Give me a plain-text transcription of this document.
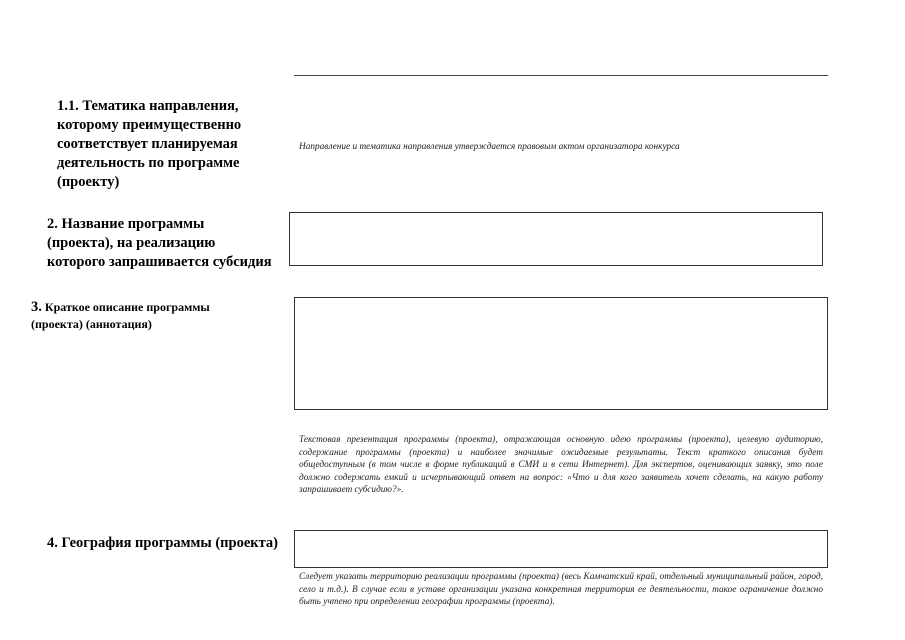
1.1. Тематика направления,
которому преимущественно
соответствует планируемая
деятельность по программе
(проекту)
Направление и тематика направления утверждается правовым актом организатора конкурса
2. Название программы
(проекта), на реализацию
которого запрашивается субсидия
3. Краткое описание программы
(проекта) (аннотация)
Текстовая презентация программы (проекта), отражающая основную идею программы (проекта), целевую аудиторию, содержание программы (проекта) и наиболее значимые ожидаемые результаты. Текст краткого описания будет общедоступным (в том числе в форме публикаций в СМИ и в сети Интернет). Для экспертов, оценивающих заявку, это поле должно содержать емкий и исчерпывающий ответ на вопрос: «Что и для кого заявитель хочет сделать, на какую работу запрашивает субсидию?».
4. География программы (проекта)
Следует указать территорию реализации программы (проекта) (весь Камчатский край, отдельный муниципальный район, город, село и т.д.). В случае если в уставе организации указана конкретная территория ее деятельности, такое ограничение должно быть учтено при определении географии программы (проекта).
